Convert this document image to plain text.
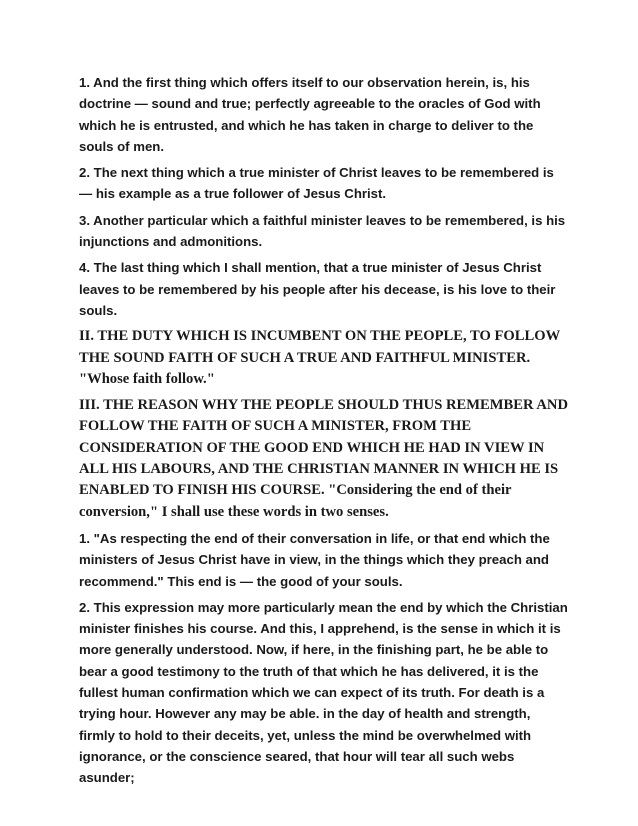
1. And the first thing which offers itself to our observation herein, is, his doctrine — sound and true; perfectly agreeable to the oracles of God with which he is entrusted, and which he has taken in charge to deliver to the souls of men.

2. The next thing which a true minister of Christ leaves to be remembered is — his example as a true follower of Jesus Christ.

3. Another particular which a faithful minister leaves to be remembered, is his injunctions and admonitions.

4. The last thing which I shall mention, that a true minister of Jesus Christ leaves to be remembered by his people after his decease, is his love to their souls.

II. THE DUTY WHICH IS INCUMBENT ON THE PEOPLE, TO FOLLOW THE SOUND FAITH OF SUCH A TRUE AND FAITHFUL MINISTER. "Whose faith follow."

III. THE REASON WHY THE PEOPLE SHOULD THUS REMEMBER AND FOLLOW THE FAITH OF SUCH A MINISTER, FROM THE CONSIDERATION OF THE GOOD END WHICH HE HAD IN VIEW IN ALL HIS LABOURS, AND THE CHRISTIAN MANNER IN WHICH HE IS ENABLED TO FINISH HIS COURSE. "Considering the end of their conversion," I shall use these words in two senses.

1. "As respecting the end of their conversation in life, or that end which the ministers of Jesus Christ have in view, in the things which they preach and recommend." This end is — the good of your souls.

2. This expression may more particularly mean the end by which the Christian minister finishes his course. And this, I apprehend, is the sense in which it is more generally understood. Now, if here, in the finishing part, he be able to bear a good testimony to the truth of that which he has delivered, it is the fullest human confirmation which we can expect of its truth. For death is a trying hour. However any may be able. in the day of health and strength, firmly to hold to their deceits, yet, unless the mind be overwhelmed with ignorance, or the conscience seared, that hour will tear all such webs asunder;
